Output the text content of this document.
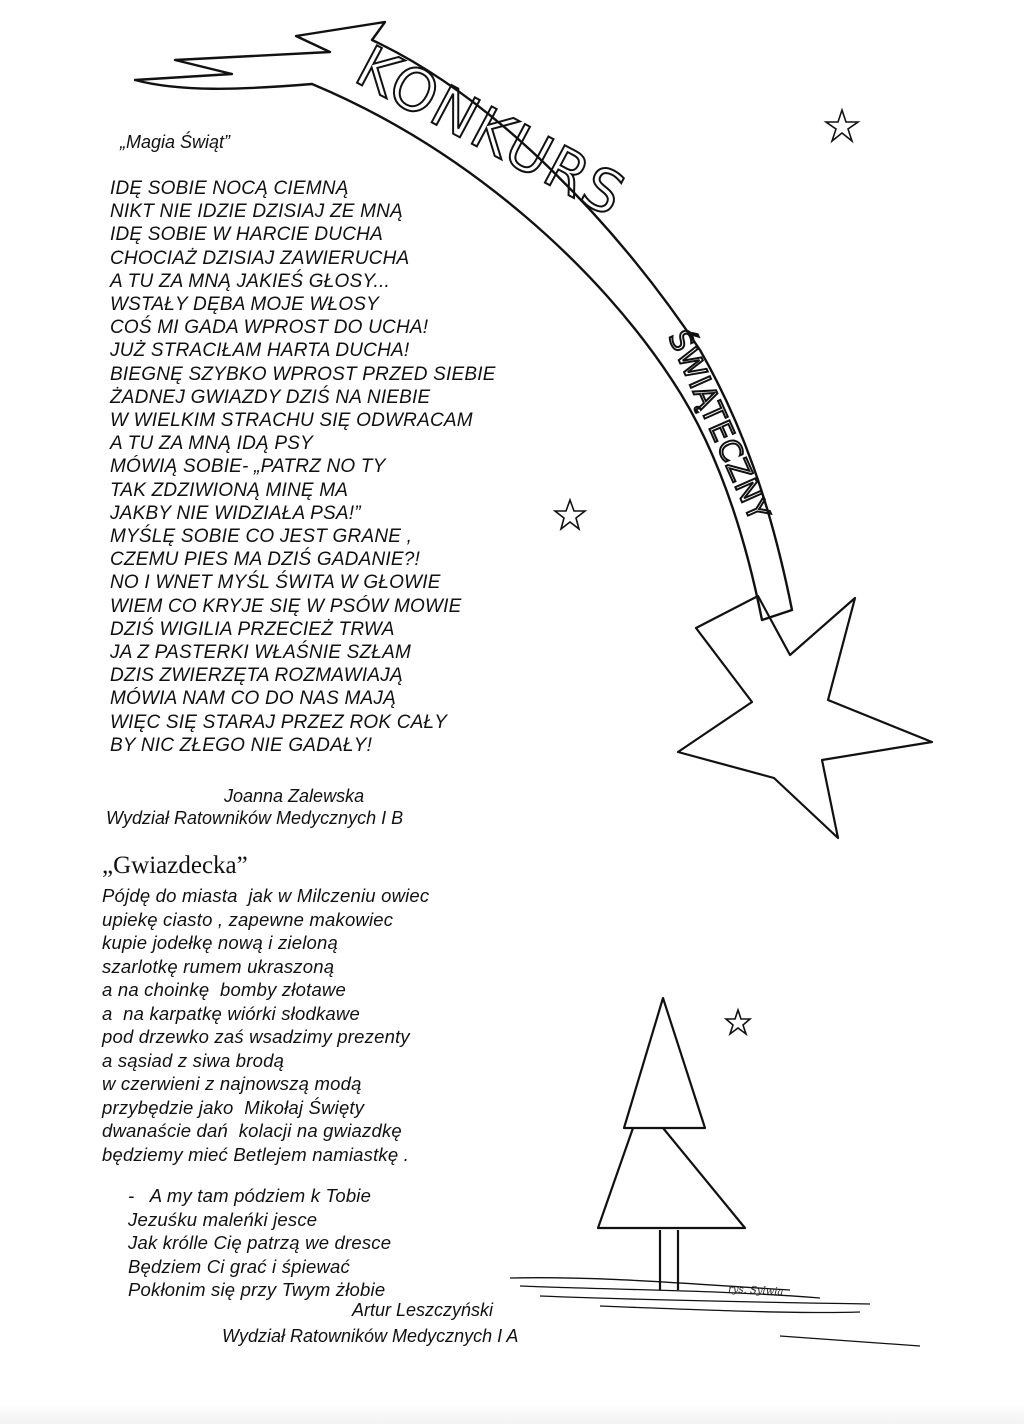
KONKURS
ŚWIĄTECZNY
rys. Sylwia
„Magia Świąt”
IDĘ SOBIE NOCĄ CIEMNĄ
NIKT NIE IDZIE DZISIAJ ZE MNĄ
IDĘ SOBIE W HARCIE DUCHA
CHOCIAŻ DZISIAJ ZAWIERUCHA
A TU ZA MNĄ JAKIEŚ GŁOSY...
WSTAŁY DĘBA MOJE WŁOSY
COŚ MI GADA WPROST DO UCHA!
JUŻ STRACIŁAM HARTA DUCHA!
BIEGNĘ SZYBKO WPROST PRZED SIEBIE
ŻADNEJ GWIAZDY DZIŚ NA NIEBIE
W WIELKIM STRACHU SIĘ ODWRACAM
A TU ZA MNĄ IDĄ PSY
MÓWIĄ SOBIE- „PATRZ NO TY
TAK ZDZIWIONĄ MINĘ MA
JAKBY NIE WIDZIAŁA PSA!”
MYŚLĘ SOBIE CO JEST GRANE ,
CZEMU PIES MA DZIŚ GADANIE?!
NO I WNET MYŚL ŚWITA W GŁOWIE
WIEM CO KRYJE SIĘ W PSÓW MOWIE
DZIŚ WIGILIA PRZECIEŻ TRWA
JA Z PASTERKI WŁAŚNIE SZŁAM
DZIS ZWIERZĘTA ROZMAWIAJĄ
MÓWIA NAM CO DO NAS MAJĄ
WIĘC SIĘ STARAJ PRZEZ ROK CAŁY
BY NIC ZŁEGO NIE GADAŁY!
Joanna Zalewska
Wydział Ratowników Medycznych I B
„Gwiazdecka”
Pójdę do miasta  jak w Milczeniu owiec
upiekę ciasto , zapewne makowiec
kupie jodełkę nową i zieloną
szarlotkę rumem ukraszoną
a na choinkę  bomby złotawe
a  na karpatkę wiórki słodkawe
pod drzewko zaś wsadzimy prezenty
a sąsiad z siwa brodą
w czerwieni z najnowszą modą
przybędzie jako  Mikołaj Święty
dwanaście dań  kolacji na gwiazdkę
będziemy mieć Betlejem namiastkę .
-   A my tam pódziem k Tobie
Jezuśku maleńki jesce
Jak królle Cię patrzą we dresce
Będziem Ci grać i śpiewać
Pokłonim się przy Twym żłobie
Artur Leszczyński
Wydział Ratowników Medycznych I A
